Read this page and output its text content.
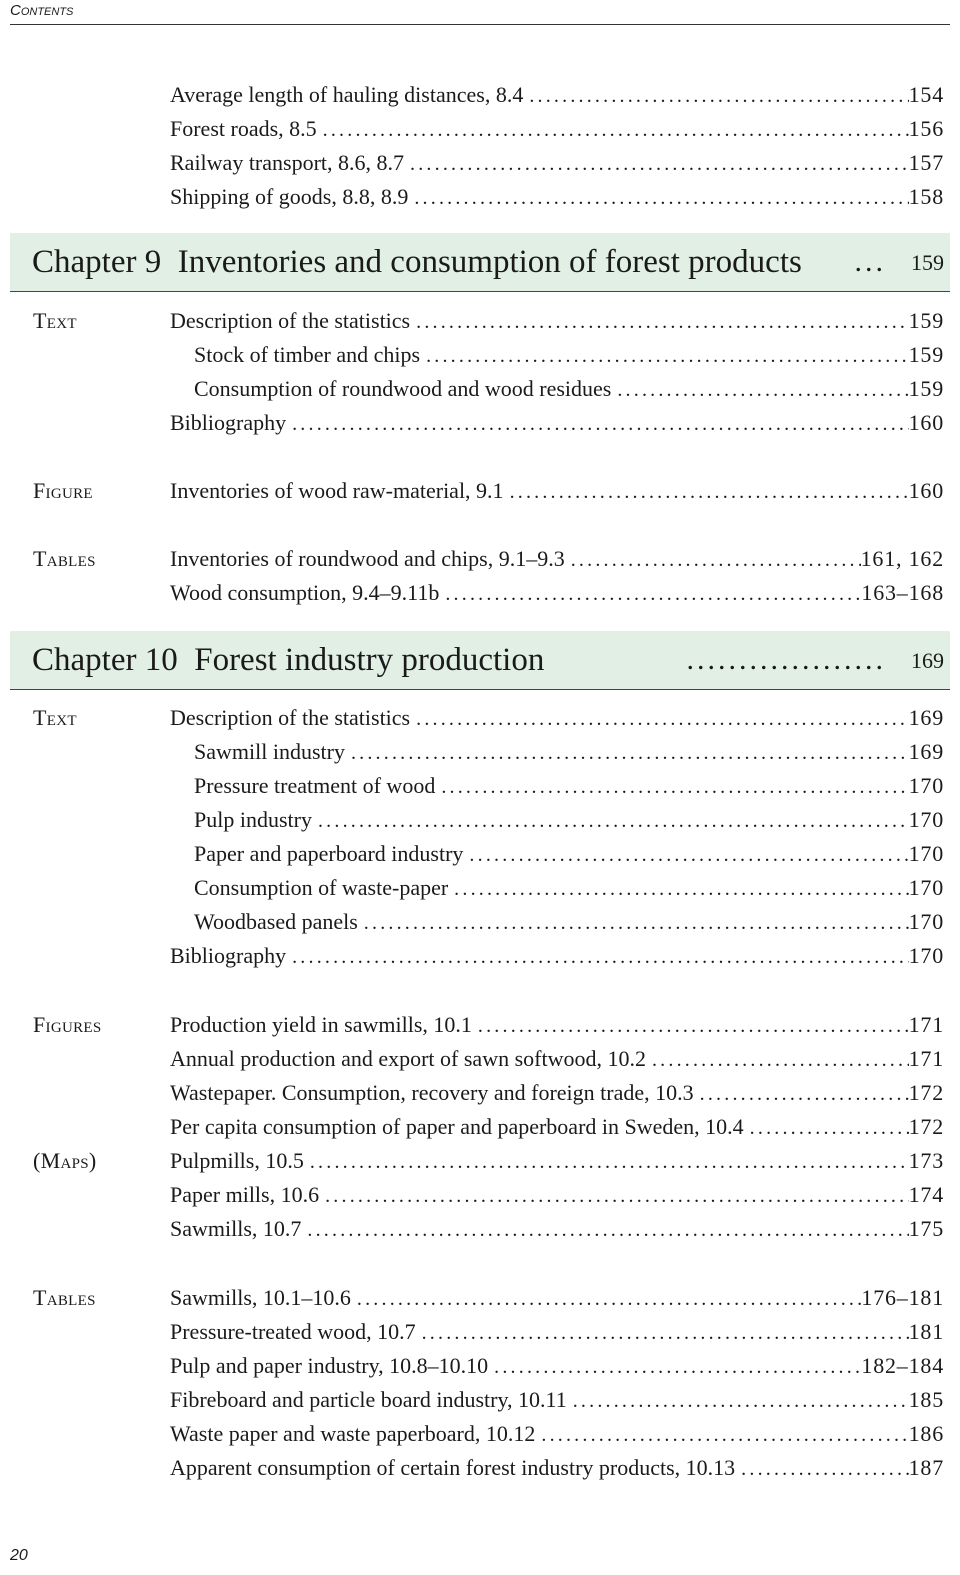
Contents
Average length of hauling distances, 8.4 .....	154
Forest roads, 8.5 .....	156
Railway transport, 8.6, 8.7 .....	157
Shipping of goods, 8.8, 8.9 .....	158
Chapter 9  Inventories and consumption of forest products ... 159
Text	Description of the statistics .....	159
Stock of timber and chips .....	159
Consumption of roundwood and wood residues .....	159
Bibliography .....	160
Figure	Inventories of wood raw-material, 9.1 .....	160
Tables	Inventories of roundwood and chips, 9.1–9.3 .....	161, 162
Wood consumption, 9.4–9.11b .....	163–168
Chapter 10  Forest industry production	................... 169
Text	Description of the statistics .....	169
Sawmill industry .....	169
Pressure treatment of wood .....	170
Pulp industry .....	170
Paper and paperboard industry .....	170
Consumption of waste-paper .....	170
Woodbased panels .....	170
Bibliography .....	170
Figures	Production yield in sawmills, 10.1 .....	171
Annual production and export of sawn softwood, 10.2 .....	171
Wastepaper. Consumption, recovery and foreign trade, 10.3 .....	172
Per capita consumption of paper and paperboard in Sweden, 10.4 .....	172
(Maps)	Pulpmills, 10.5 .....	173
Paper mills, 10.6 .....	174
Sawmills, 10.7 .....	175
Tables	Sawmills, 10.1–10.6 .....	176–181
Pressure-treated wood, 10.7 .....	181
Pulp and paper industry, 10.8–10.10 .....	182–184
Fibreboard and particle board industry, 10.11 .....	185
Waste paper and waste paperboard, 10.12 .....	186
Apparent consumption of certain forest industry products, 10.13 .....	187
20
